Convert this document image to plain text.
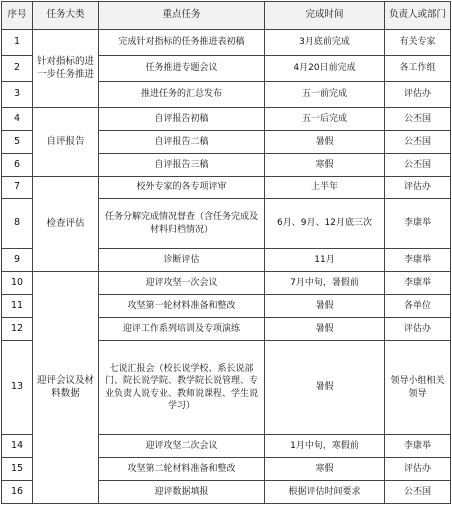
序号	任务大类	重点任务	完成时间	负责人或部门
1	针对指标的进一步任务推进	完成针对指标的任务推进表初稿	3月底前完成	有关专家
2		任务推进专题会议	4月20日前完成	各工作组
3		推进任务的汇总发布	五一前完成	评估办
4	自评报告	自评报告初稿	五一后完成	公丕国
5		自评报告二稿	暑假	公丕国
6		自评报告三稿	寒假	公丕国
7	检查评估	校外专家的各专项评审	上半年	评估办
8		任务分解完成情况督查（含任务完成及材料归档情况）	6月、9月、12月底三次	李康举
9		诊断评估	11月	李康举
10	迎评会议及材料数据	迎评攻坚一次会议	7月中旬，暑假前	李康举
11		攻坚第一轮材料准备和整改	暑假	各单位
12		迎评工作系列培训及专项演练	暑假	评估办
13		七说汇报会（校长说学校、系长说部门、院长说学院、教学院长说管理、专业负责人说专业、教师说课程、学生说学习）	暑假	领导小组相关领导
14		迎评攻坚二次会议	1月中旬，寒假前	李康举
15		攻坚第二轮材料准备和整改	寒假	评估办
16		迎评数据填报	根据评估时间要求	公丕国
